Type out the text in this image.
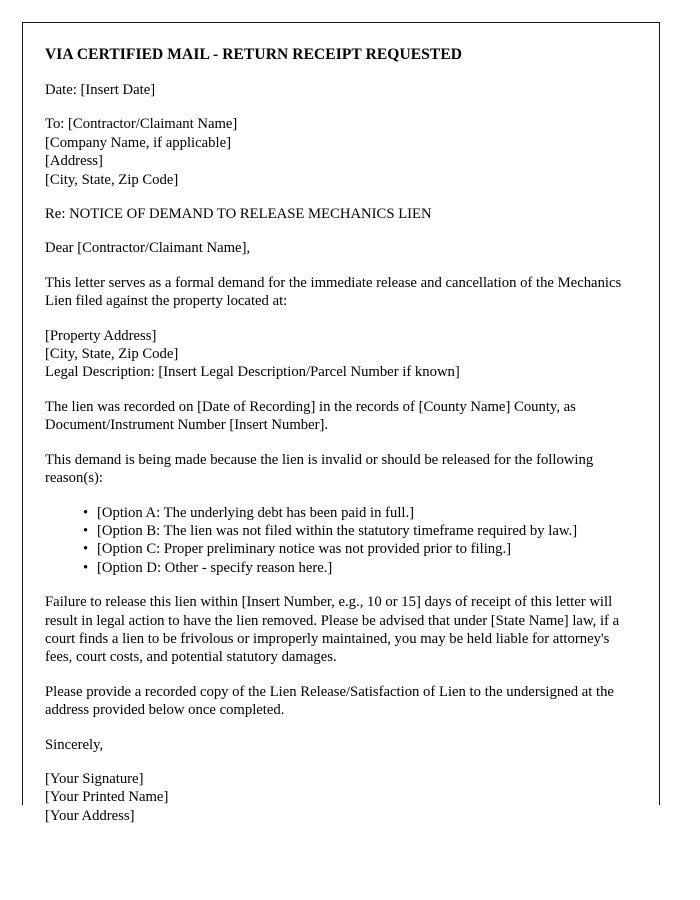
VIA CERTIFIED MAIL - RETURN RECEIPT REQUESTED
Date: [Insert Date]
To: [Contractor/Claimant Name]
[Company Name, if applicable]
[Address]
[City, State, Zip Code]
Re: NOTICE OF DEMAND TO RELEASE MECHANICS LIEN
Dear [Contractor/Claimant Name],
This letter serves as a formal demand for the immediate release and cancellation of the Mechanics Lien filed against the property located at:
[Property Address]
[City, State, Zip Code]
Legal Description: [Insert Legal Description/Parcel Number if known]
The lien was recorded on [Date of Recording] in the records of [County Name] County, as Document/Instrument Number [Insert Number].
This demand is being made because the lien is invalid or should be released for the following reason(s):
• [Option A: The underlying debt has been paid in full.]
• [Option B: The lien was not filed within the statutory timeframe required by law.]
• [Option C: Proper preliminary notice was not provided prior to filing.]
• [Option D: Other - specify reason here.]
Failure to release this lien within [Insert Number, e.g., 10 or 15] days of receipt of this letter will result in legal action to have the lien removed. Please be advised that under [State Name] law, if a court finds a lien to be frivolous or improperly maintained, you may be held liable for attorney's fees, court costs, and potential statutory damages.
Please provide a recorded copy of the Lien Release/Satisfaction of Lien to the undersigned at the address provided below once completed.
Sincerely,
[Your Signature]
[Your Printed Name]
[Your Address]
